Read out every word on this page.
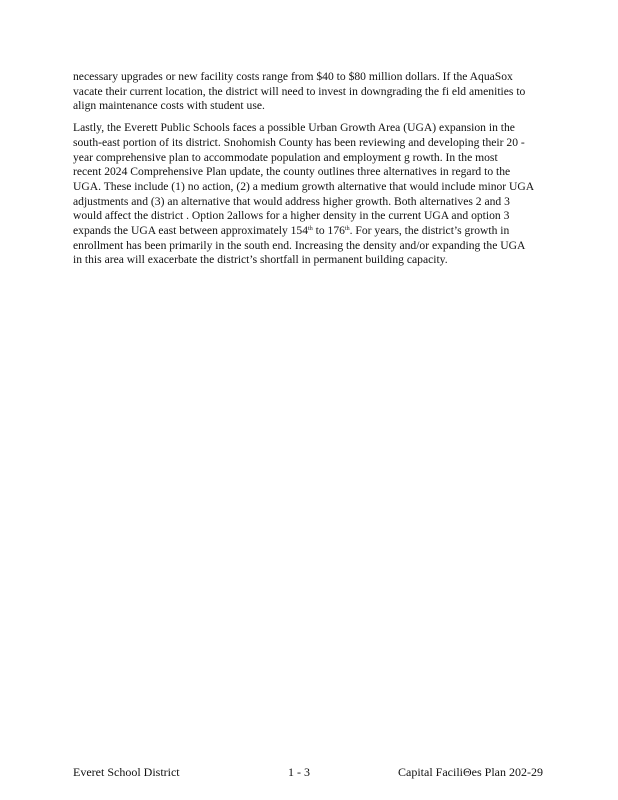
necessary upgrades or new facility costs range from $40 to $80 million dollars. If the AquaSox
vacate their current location, the district will need to invest in downgrading the fi eld amenities to
align maintenance costs with student use.

Lastly, the Everett Public Schools faces a possible Urban Growth Area (UGA) expansion in the
south-east portion of its district. Snohomish County has been reviewing and developing their 20 -
year comprehensive plan to accommodate population and employment g rowth. In the most
recent 2024 Comprehensive Plan update, the county outlines three alternatives in regard to the
UGA. These include (1) no action, (2) a medium growth alternative that would include minor UGA
adjustments and (3) an alternative that would address higher growth. Both alternatives 2 and 3
would affect the district . Option 2allows for a higher density in the current UGA and option 3
expands the UGA east between approximately 154th to 176th. For years, the district’s growth in
enrollment has been primarily in the south end. Increasing the density and/or expanding the UGA
in this area will exacerbate the district’s shortfall in permanent building capacity.

Everet School District	1 - 3	Capital FaciliΘes Plan 202-29
